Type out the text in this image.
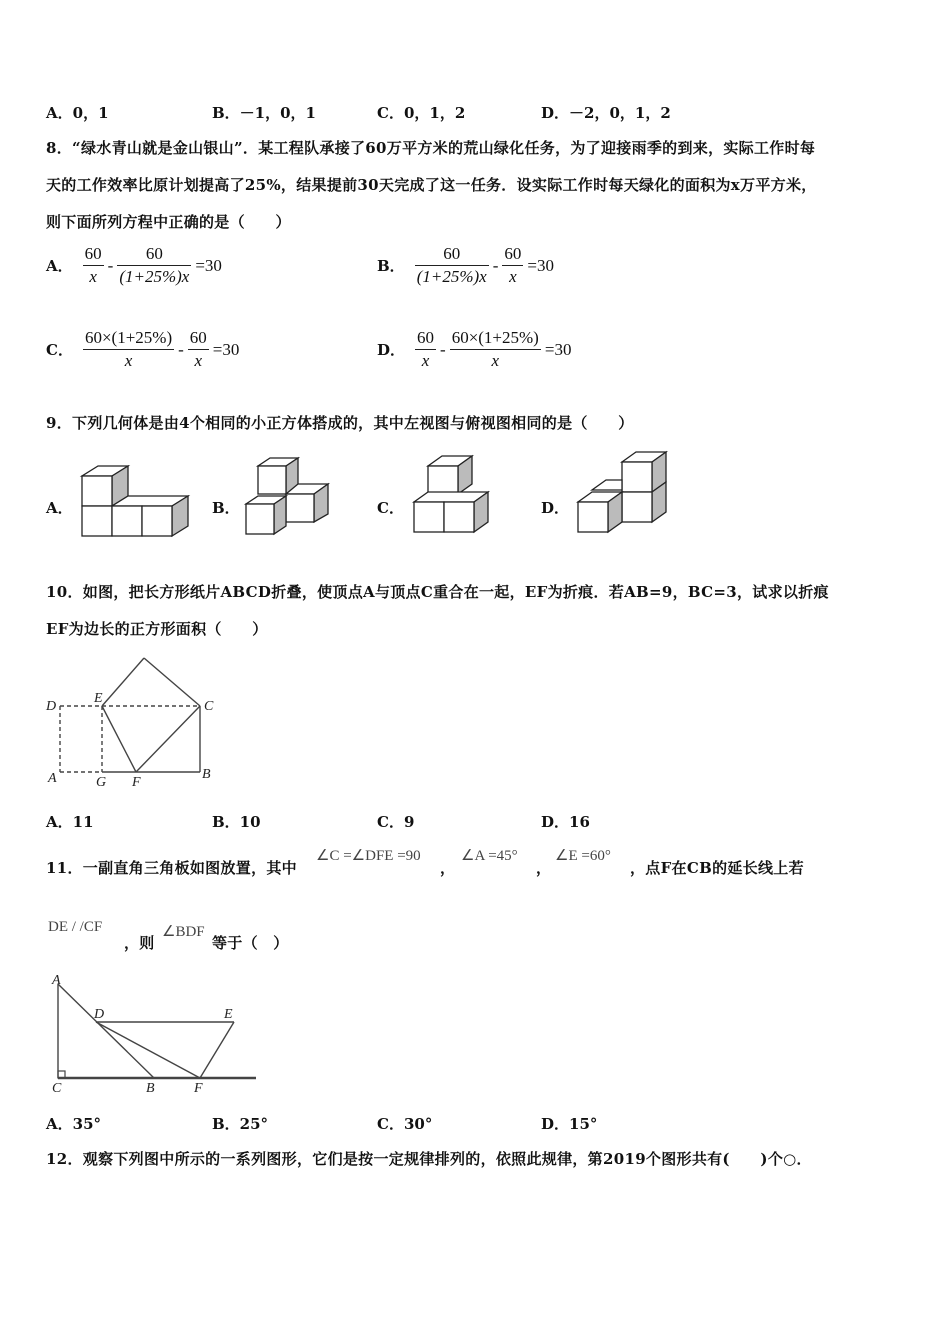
A．0，1	B．－1，0，1	C．0，1，2	D．－2，0，1，2
8．“绿水青山就是金山银山”．某工程队承接了60万平方米的荒山绿化任务，为了迎接雨季的到来，实际工作时每
天的工作效率比原计划提高了25%，结果提前30天完成了这一任务．设实际工作时每天绿化的面积为x万平方米，
则下面所列方程中正确的是（　　）
A． $\frac{60}{x} - \frac{60}{(1+25\%)x} =30$	B． $\frac{60}{(1+25\%)x} - \frac{60}{x} =30$
C． $\frac{60\times(1+25\%)}{x} - \frac{60}{x} =30$	D． $\frac{60}{x} - \frac{60\times(1+25\%)}{x} =30$
9．下列几何体是由4个相同的小正方体搭成的，其中左视图与俯视图相同的是（　　）
A．	B．	C．	D．
10．如图，把长方形纸片ABCD折叠，使顶点A与顶点C重合在一起，EF为折痕．若AB=9，BC=3，试求以折痕
EF为边长的正方形面积（　　）
D
E
C
A	G F
B
A．11	B．10	C．9	D．16
11．一副直角三角板如图放置，其中
∠C =∠DFE =90
，
∠A =45°
，
∠E =60°
，点F在CB的延长线上若
DE / /CF
，则
∠BDF
等于（　）
A
D	E
C	B	F
A．35°	B．25°	C．30°	D．15°
12．观察下列图中所示的一系列图形，它们是按一定规律排列的，依照此规律，第2019个图形共有(　　)个○．
